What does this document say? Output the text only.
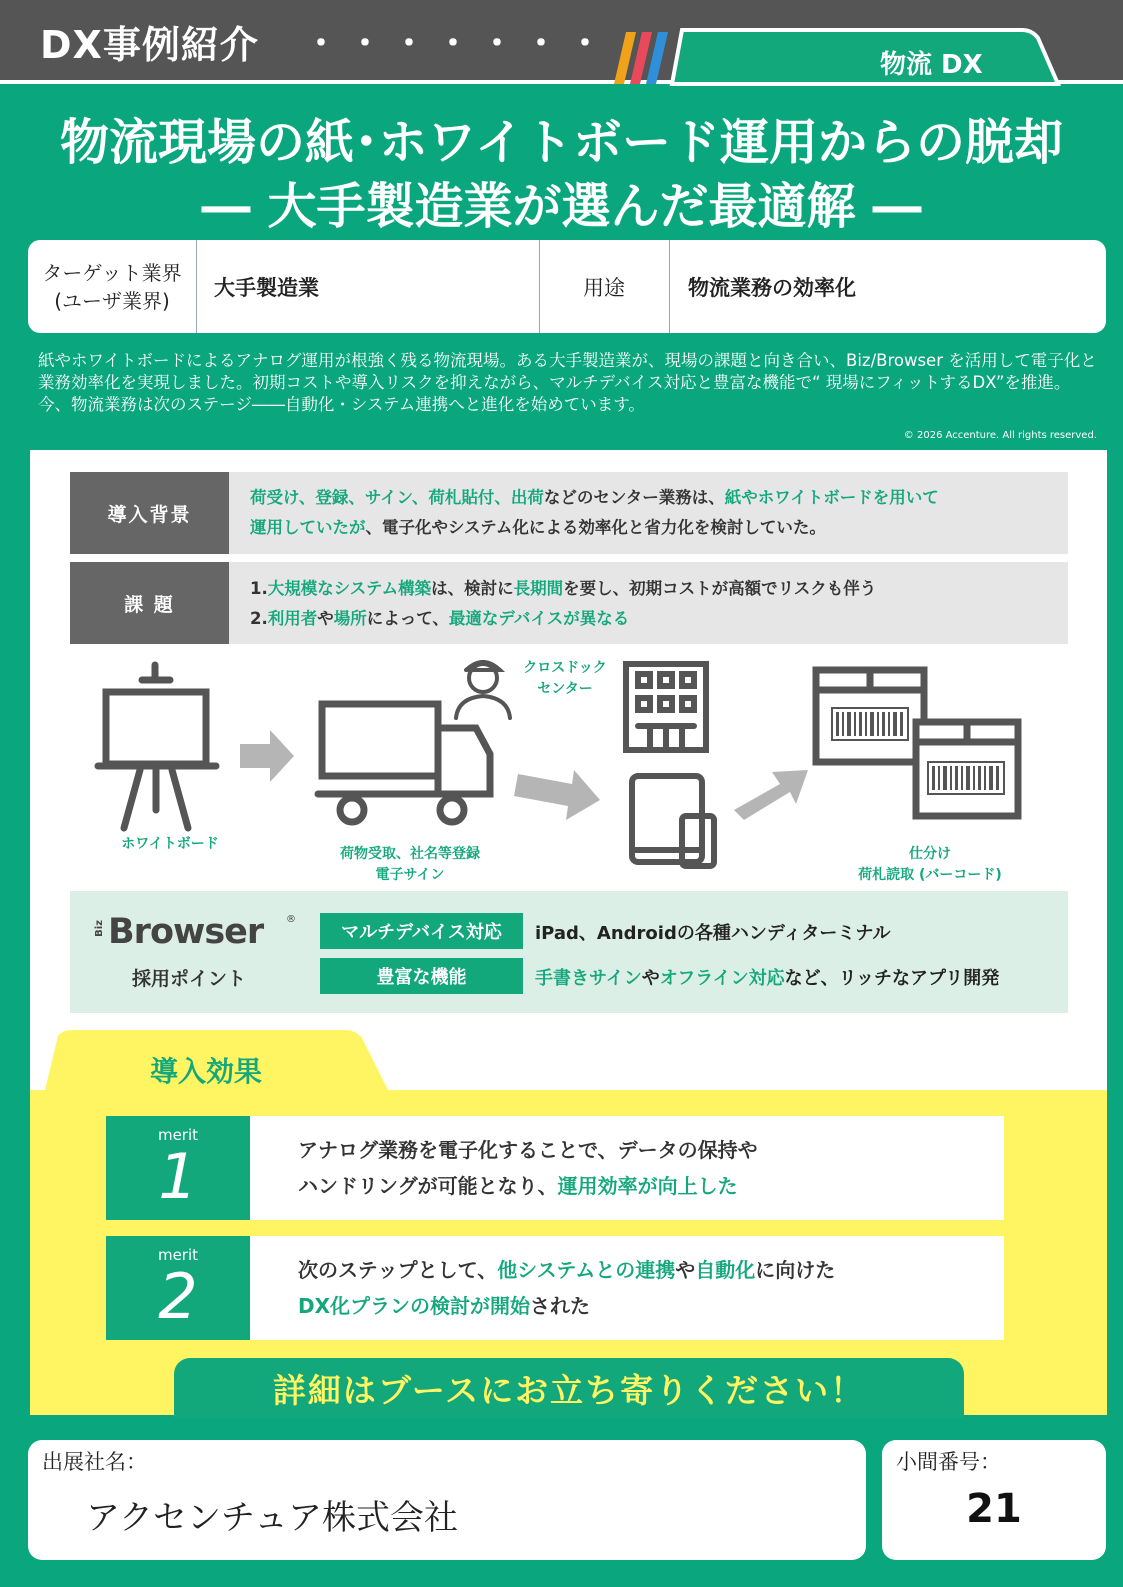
DX事例紹介 ・・・・・・・
物流 DX
物流現場の紙･ホワイトボード運用からの脱却
― 大手製造業が選んだ最適解 ―
ターゲット業界
(ユーザ業界)
大手製造業	用途	物流業務の効率化
紙やホワイトボードによるアナログ運用が根強く残る物流現場。ある大手製造業が、現場の課題と向き合い、Biz/Browser を活用して電子化と業務効率化を実現しました。初期コストや導入リスクを抑えながら、マルチデバイス対応と豊富な機能で“ 現場にフィットするDX”を推進。今、物流業務は次のステージ――自動化・システム連携へと進化を始めています。
© 2026 Accenture. All rights reserved.
導入背景
荷受け、登録、サイン、荷札貼付、出荷などのセンター業務は、紙やホワイトボードを用いて
運用していたが、電子化やシステム化による効率化と省力化を検討していた。
課 題
1.大規模なシステム構築は、検討に長期間を要し、初期コストが高額でリスクも伴う
2.利用者や場所によって、最適なデバイスが異なる
ホワイトボード
荷物受取、社名等登録
電子サイン
クロスドック
センター
仕分け
荷札読取 (バーコード)
Biz Browser ®
採用ポイント
マルチデバイス対応	iPad、Androidの各種ハンディターミナル
豊富な機能	手書きサインやオフライン対応など、リッチなアプリ開発
導入効果
merit
1	アナログ業務を電子化することで、データの保持や
ハンドリングが可能となり、運用効率が向上した
merit
2	次のステップとして、他システムとの連携や自動化に向けた
DX化プランの検討が開始された
詳細はブースにお立ち寄りください！
出展社名：
アクセンチュア株式会社
小間番号：
21
